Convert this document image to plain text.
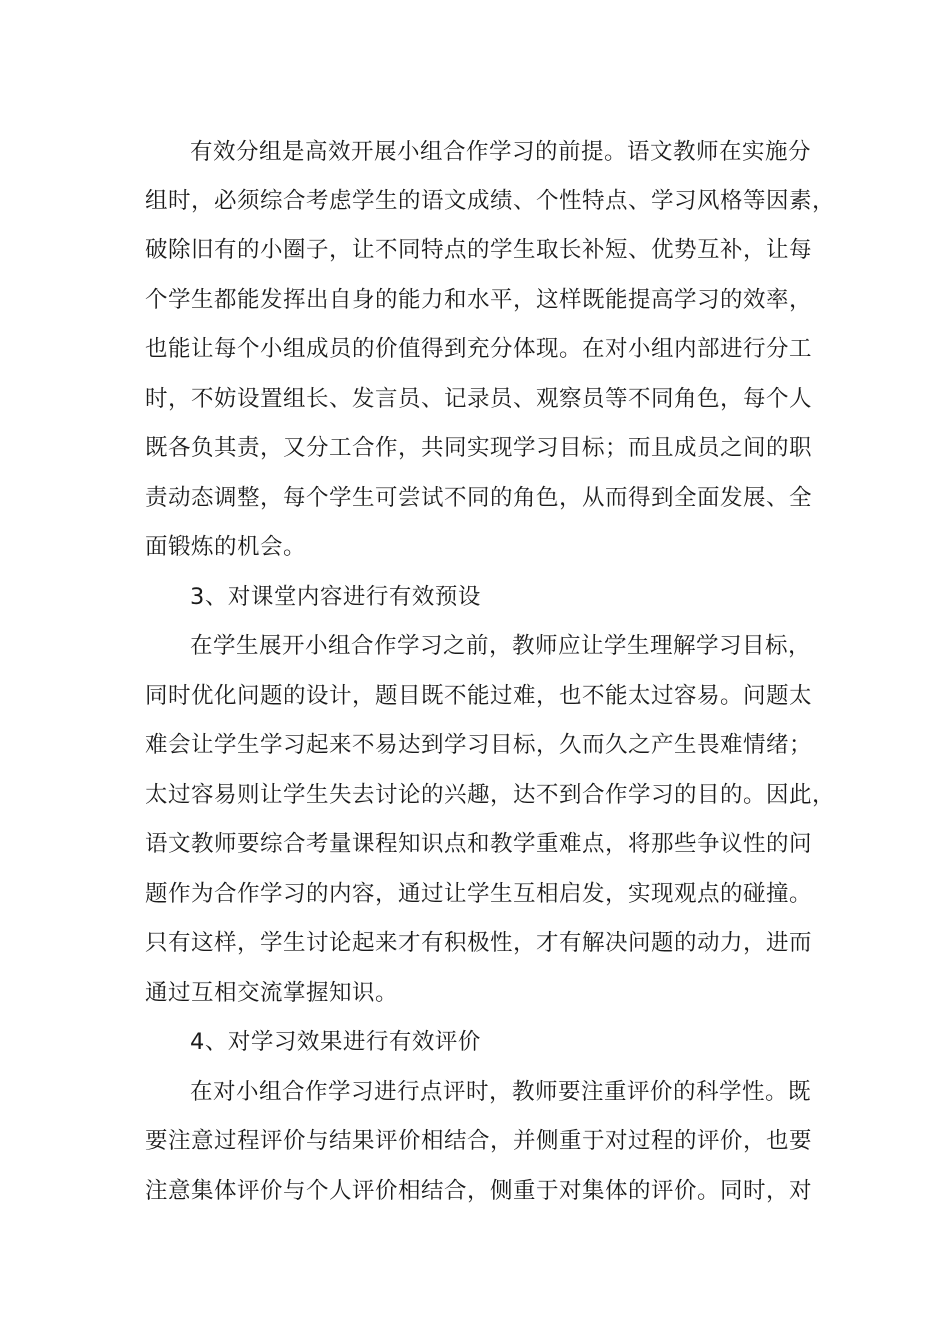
有效分组是高效开展小组合作学习的前提。语文教师在实施分
组时，必须综合考虑学生的语文成绩、个性特点、学习风格等因素，
破除旧有的小圈子，让不同特点的学生取长补短、优势互补，让每
个学生都能发挥出自身的能力和水平，这样既能提高学习的效率，
也能让每个小组成员的价值得到充分体现。在对小组内部进行分工
时，不妨设置组长、发言员、记录员、观察员等不同角色，每个人
既各负其责，又分工合作，共同实现学习目标；而且成员之间的职
责动态调整，每个学生可尝试不同的角色，从而得到全面发展、全
面锻炼的机会。
3、对课堂内容进行有效预设
在学生展开小组合作学习之前，教师应让学生理解学习目标，
同时优化问题的设计，题目既不能过难，也不能太过容易。问题太
难会让学生学习起来不易达到学习目标，久而久之产生畏难情绪；
太过容易则让学生失去讨论的兴趣，达不到合作学习的目的。因此，
语文教师要综合考量课程知识点和教学重难点，将那些争议性的问
题作为合作学习的内容，通过让学生互相启发，实现观点的碰撞。
只有这样，学生讨论起来才有积极性，才有解决问题的动力，进而
通过互相交流掌握知识。
4、对学习效果进行有效评价
在对小组合作学习进行点评时，教师要注重评价的科学性。既
要注意过程评价与结果评价相结合，并侧重于对过程的评价，也要
注意集体评价与个人评价相结合，侧重于对集体的评价。同时，对
